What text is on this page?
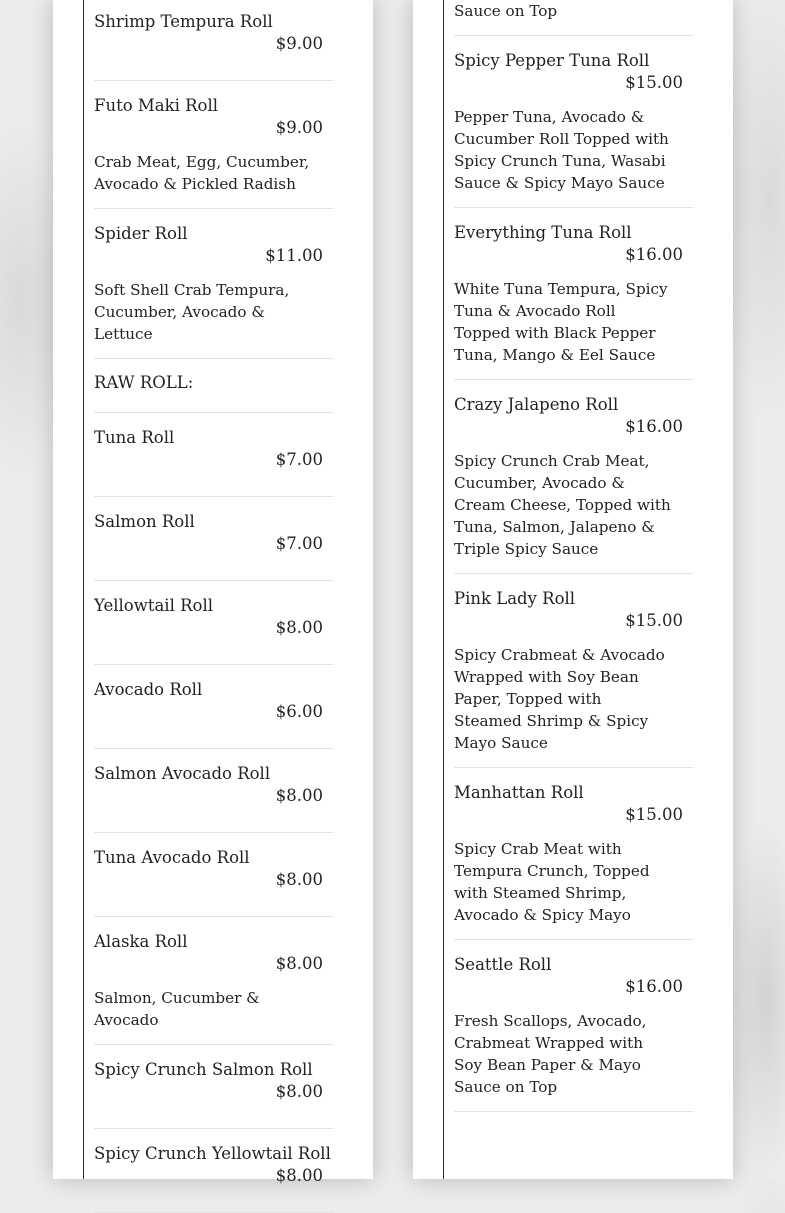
Shrimp Tempura Roll
$9.00
Futo Maki Roll
$9.00
Crab Meat, Egg, Cucumber, Avocado & Pickled Radish
Spider Roll
$11.00
Soft Shell Crab Tempura, Cucumber, Avocado & Lettuce
RAW ROLL:
Tuna Roll
$7.00
Salmon Roll
$7.00
Yellowtail Roll
$8.00
Avocado Roll
$6.00
Salmon Avocado Roll
$8.00
Tuna Avocado Roll
$8.00
Alaska Roll
$8.00
Salmon, Cucumber & Avocado
Spicy Crunch Salmon Roll
$8.00
Spicy Crunch Yellowtail Roll
$8.00
Sauce on Top
Spicy Pepper Tuna Roll
$15.00
Pepper Tuna, Avocado & Cucumber Roll Topped with Spicy Crunch Tuna, Wasabi Sauce & Spicy Mayo Sauce
Everything Tuna Roll
$16.00
White Tuna Tempura, Spicy Tuna & Avocado Roll Topped with Black Pepper Tuna, Mango & Eel Sauce
Crazy Jalapeno Roll
$16.00
Spicy Crunch Crab Meat, Cucumber, Avocado & Cream Cheese, Topped with Tuna, Salmon, Jalapeno & Triple Spicy Sauce
Pink Lady Roll
$15.00
Spicy Crabmeat & Avocado Wrapped with Soy Bean Paper, Topped with Steamed Shrimp & Spicy Mayo Sauce
Manhattan Roll
$15.00
Spicy Crab Meat with Tempura Crunch, Topped with Steamed Shrimp, Avocado & Spicy Mayo
Seattle Roll
$16.00
Fresh Scallops, Avocado, Crabmeat Wrapped with Soy Bean Paper & Mayo Sauce on Top
